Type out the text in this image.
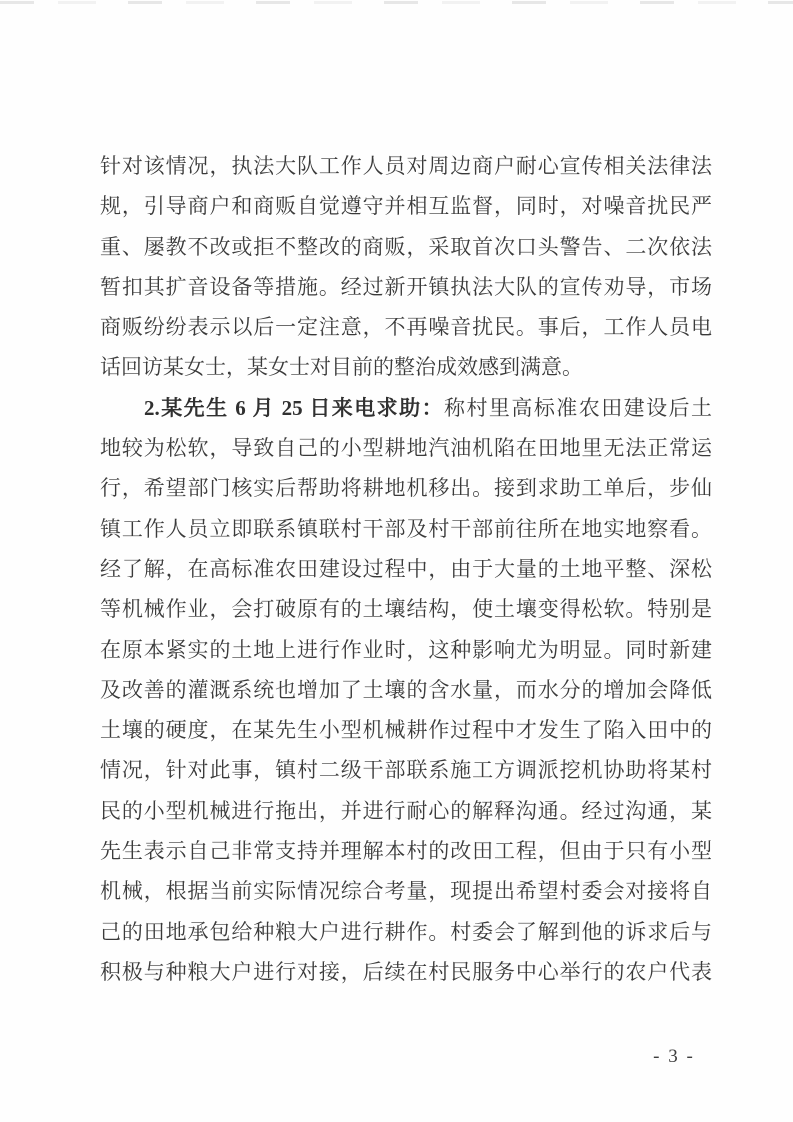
针对该情况，执法大队工作人员对周边商户耐心宣传相关法律法
规，引导商户和商贩自觉遵守并相互监督，同时，对噪音扰民严
重、屡教不改或拒不整改的商贩，采取首次口头警告、二次依法
暂扣其扩音设备等措施。经过新开镇执法大队的宣传劝导，市场
商贩纷纷表示以后一定注意，不再噪音扰民。事后，工作人员电
话回访某女士，某女士对目前的整治成效感到满意。
2.某先生 6 月 25 日来电求助：称村里高标准农田建设后土
地较为松软，导致自己的小型耕地汽油机陷在田地里无法正常运
行，希望部门核实后帮助将耕地机移出。接到求助工单后，步仙
镇工作人员立即联系镇联村干部及村干部前往所在地实地察看。
经了解，在高标准农田建设过程中，由于大量的土地平整、深松
等机械作业，会打破原有的土壤结构，使土壤变得松软。特别是
在原本紧实的土地上进行作业时，这种影响尤为明显。同时新建
及改善的灌溉系统也增加了土壤的含水量，而水分的增加会降低
土壤的硬度，在某先生小型机械耕作过程中才发生了陷入田中的
情况，针对此事，镇村二级干部联系施工方调派挖机协助将某村
民的小型机械进行拖出，并进行耐心的解释沟通。经过沟通，某
先生表示自己非常支持并理解本村的改田工程，但由于只有小型
机械，根据当前实际情况综合考量，现提出希望村委会对接将自
己的田地承包给种粮大户进行耕作。村委会了解到他的诉求后与
积极与种粮大户进行对接，后续在村民服务中心举行的农户代表
- 3 -
